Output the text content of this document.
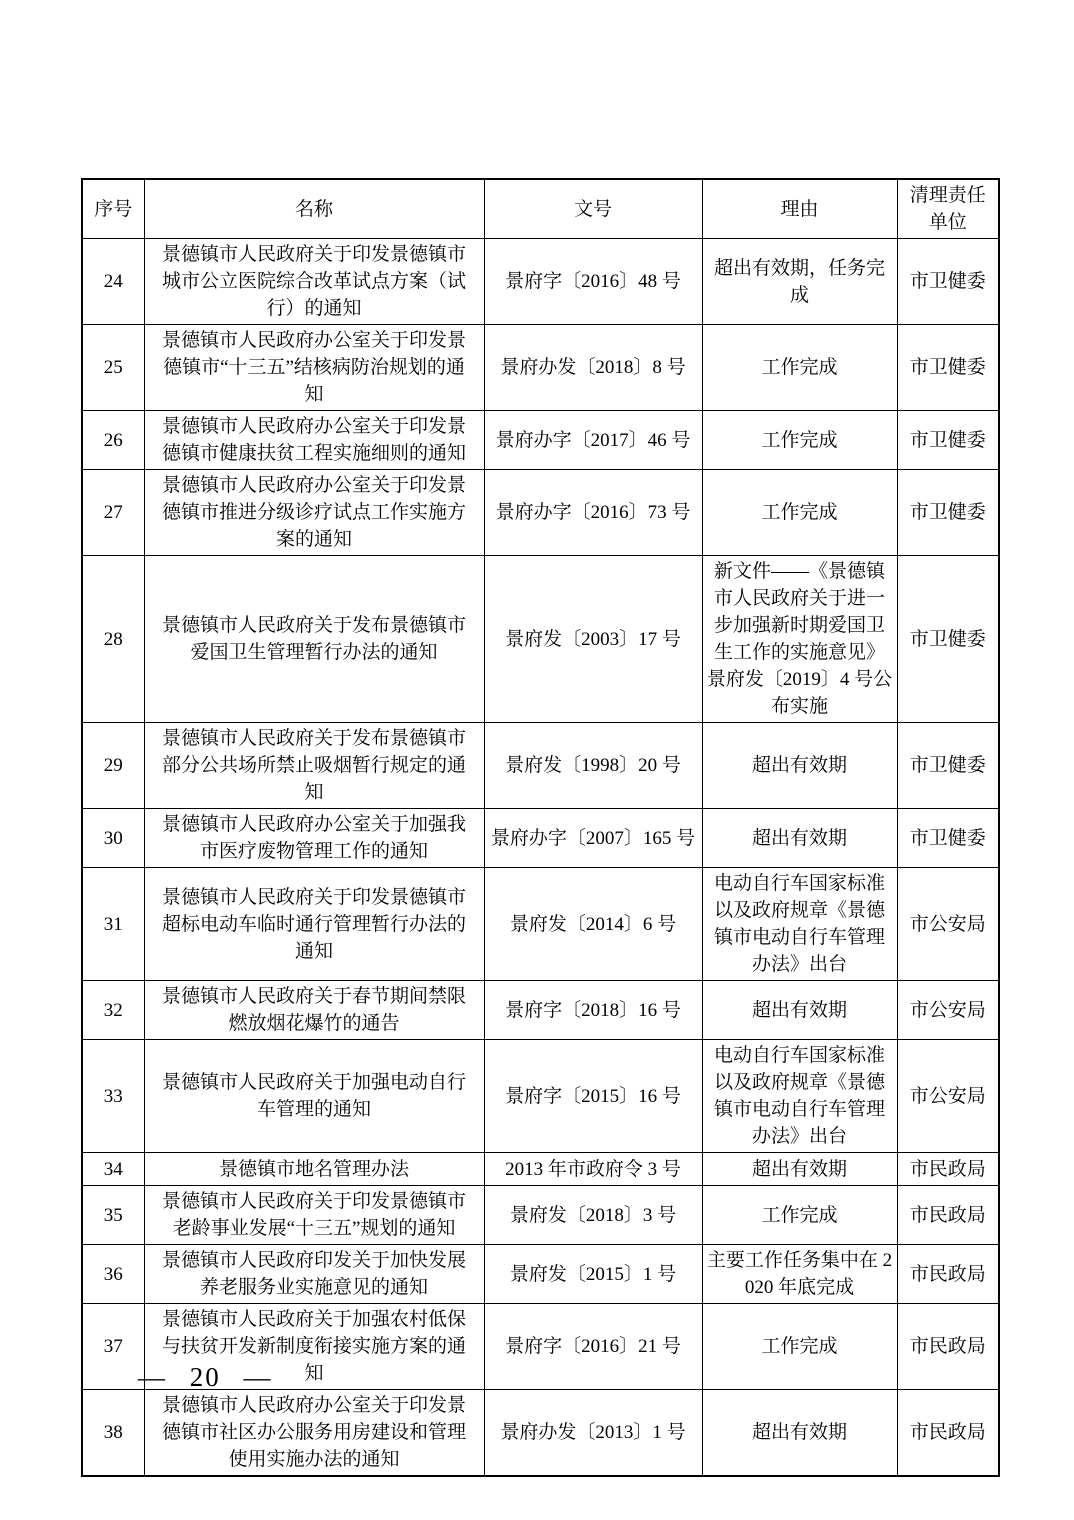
序号	名称	文号	理由	清理责任单位
24	景德镇市人民政府关于印发景德镇市城市公立医院综合改革试点方案（试行）的通知	景府字〔2016〕48 号	超出有效期，任务完成	市卫健委
25	景德镇市人民政府办公室关于印发景德镇市“十三五”结核病防治规划的通知	景府办发〔2018〕8 号	工作完成	市卫健委
26	景德镇市人民政府办公室关于印发景德镇市健康扶贫工程实施细则的通知	景府办字〔2017〕46 号	工作完成	市卫健委
27	景德镇市人民政府办公室关于印发景德镇市推进分级诊疗试点工作实施方案的通知	景府办字〔2016〕73 号	工作完成	市卫健委
28	景德镇市人民政府关于发布景德镇市爱国卫生管理暂行办法的通知	景府发〔2003〕17 号	新文件——《景德镇市人民政府关于进一步加强新时期爱国卫生工作的实施意见》景府发〔2019〕4 号公布实施	市卫健委
29	景德镇市人民政府关于发布景德镇市部分公共场所禁止吸烟暂行规定的通知	景府发〔1998〕20 号	超出有效期	市卫健委
30	景德镇市人民政府办公室关于加强我市医疗废物管理工作的通知	景府办字〔2007〕165 号	超出有效期	市卫健委
31	景德镇市人民政府关于印发景德镇市超标电动车临时通行管理暂行办法的通知	景府发〔2014〕6 号	电动自行车国家标准以及政府规章《景德镇市电动自行车管理办法》出台	市公安局
32	景德镇市人民政府关于春节期间禁限燃放烟花爆竹的通告	景府字〔2018〕16 号	超出有效期	市公安局
33	景德镇市人民政府关于加强电动自行车管理的通知	景府字〔2015〕16 号	电动自行车国家标准以及政府规章《景德镇市电动自行车管理办法》出台	市公安局
34	景德镇市地名管理办法	2013 年市政府令 3 号	超出有效期	市民政局
35	景德镇市人民政府关于印发景德镇市老龄事业发展“十三五”规划的通知	景府发〔2018〕3 号	工作完成	市民政局
36	景德镇市人民政府印发关于加快发展养老服务业实施意见的通知	景府发〔2015〕1 号	主要工作任务集中在 2020 年底完成	市民政局
37	景德镇市人民政府关于加强农村低保与扶贫开发新制度衔接实施方案的通知	景府字〔2016〕21 号	工作完成	市民政局
38	景德镇市人民政府办公室关于印发景德镇市社区办公服务用房建设和管理使用实施办法的通知	景府办发〔2013〕1 号	超出有效期	市民政局
— 20 —
